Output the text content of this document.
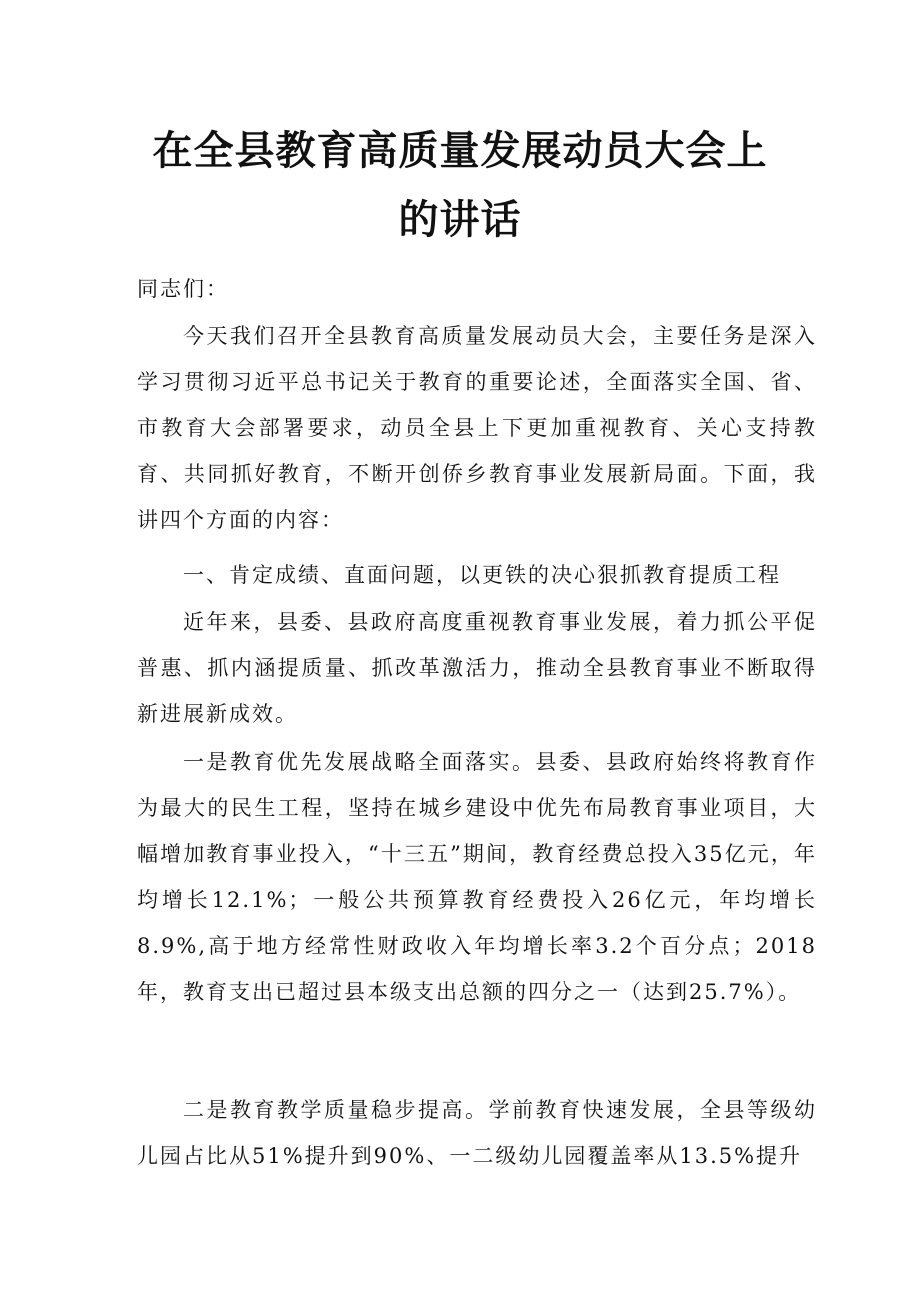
在全县教育高质量发展动员大会上
的讲话

同志们：

今天我们召开全县教育高质量发展动员大会，主要任务是深入学习贯彻习近平总书记关于教育的重要论述，全面落实全国、省、市教育大会部署要求，动员全县上下更加重视教育、关心支持教育、共同抓好教育，不断开创侨乡教育事业发展新局面。下面，我讲四个方面的内容：

一、肯定成绩、直面问题，以更铁的决心狠抓教育提质工程

近年来，县委、县政府高度重视教育事业发展，着力抓公平促普惠、抓内涵提质量、抓改革激活力，推动全县教育事业不断取得新进展新成效。

一是教育优先发展战略全面落实。县委、县政府始终将教育作为最大的民生工程，坚持在城乡建设中优先布局教育事业项目，大幅增加教育事业投入，“十三五”期间，教育经费总投入35亿元，年均增长12.1%；一般公共预算教育经费投入26亿元，年均增长8.9%,高于地方经常性财政收入年均增长率3.2个百分点；2018年，教育支出已超过县本级支出总额的四分之一（达到25.7%）。

二是教育教学质量稳步提高。学前教育快速发展，全县等级幼儿园占比从51%提升到90%、一二级幼儿园覆盖率从13.5%提升
